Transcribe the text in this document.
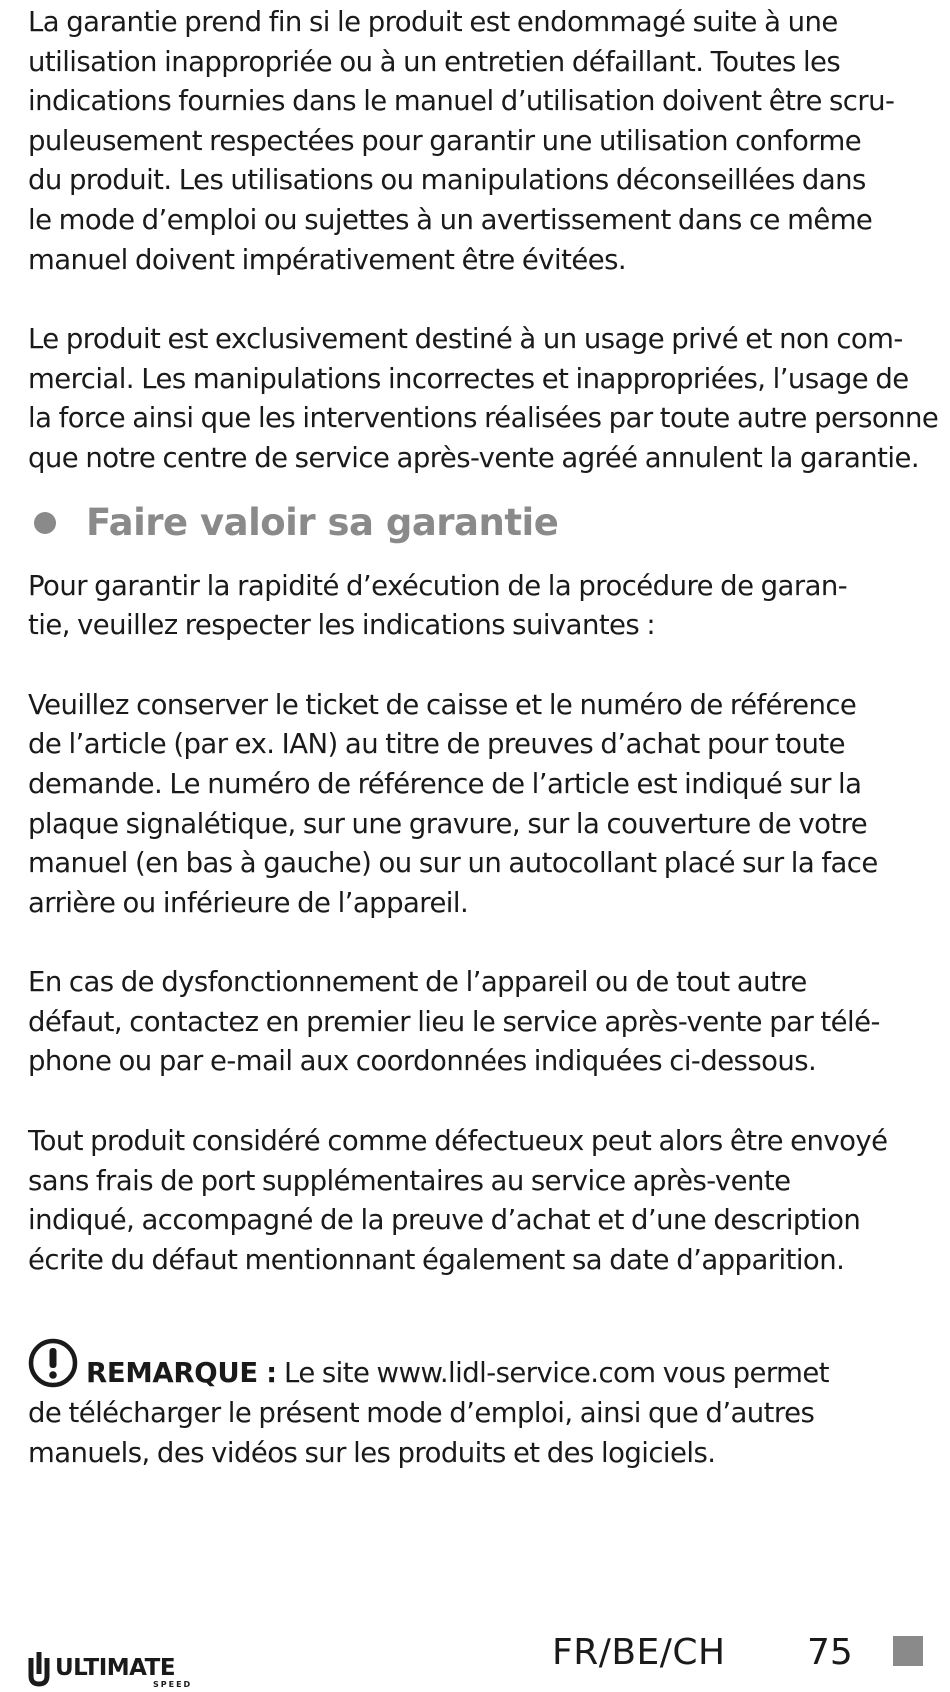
La garantie prend fin si le produit est endommagé suite à une
utilisation inappropriée ou à un entretien défaillant. Toutes les
indications fournies dans le manuel d’utilisation doivent être scru-
puleusement respectées pour garantir une utilisation conforme
du produit. Les utilisations ou manipulations déconseillées dans
le mode d’emploi ou sujettes à un avertissement dans ce même
manuel doivent impérativement être évitées.

Le produit est exclusivement destiné à un usage privé et non com-
mercial. Les manipulations incorrectes et inappropriées, l’usage de
la force ainsi que les interventions réalisées par toute autre personne
que notre centre de service après-vente agréé annulent la garantie.

Faire valoir sa garantie

Pour garantir la rapidité d’exécution de la procédure de garan-
tie, veuillez respecter les indications suivantes :

Veuillez conserver le ticket de caisse et le numéro de référence
de l’article (par ex. IAN) au titre de preuves d’achat pour toute
demande. Le numéro de référence de l’article est indiqué sur la
plaque signalétique, sur une gravure, sur la couverture de votre
manuel (en bas à gauche) ou sur un autocollant placé sur la face
arrière ou inférieure de l’appareil.

En cas de dysfonctionnement de l’appareil ou de tout autre
défaut, contactez en premier lieu le service après-vente par télé-
phone ou par e-mail aux coordonnées indiquées ci-dessous.

Tout produit considéré comme défectueux peut alors être envoyé
sans frais de port supplémentaires au service après-vente
indiqué, accompagné de la preuve d’achat et d’une description
écrite du défaut mentionnant également sa date d’apparition.

REMARQUE : Le site www.lidl-service.com vous permet
de télécharger le présent mode d’emploi, ainsi que d’autres
manuels, des vidéos sur les produits et des logiciels.

ULTIMATE
SPEED
FR/BE/CH 75
